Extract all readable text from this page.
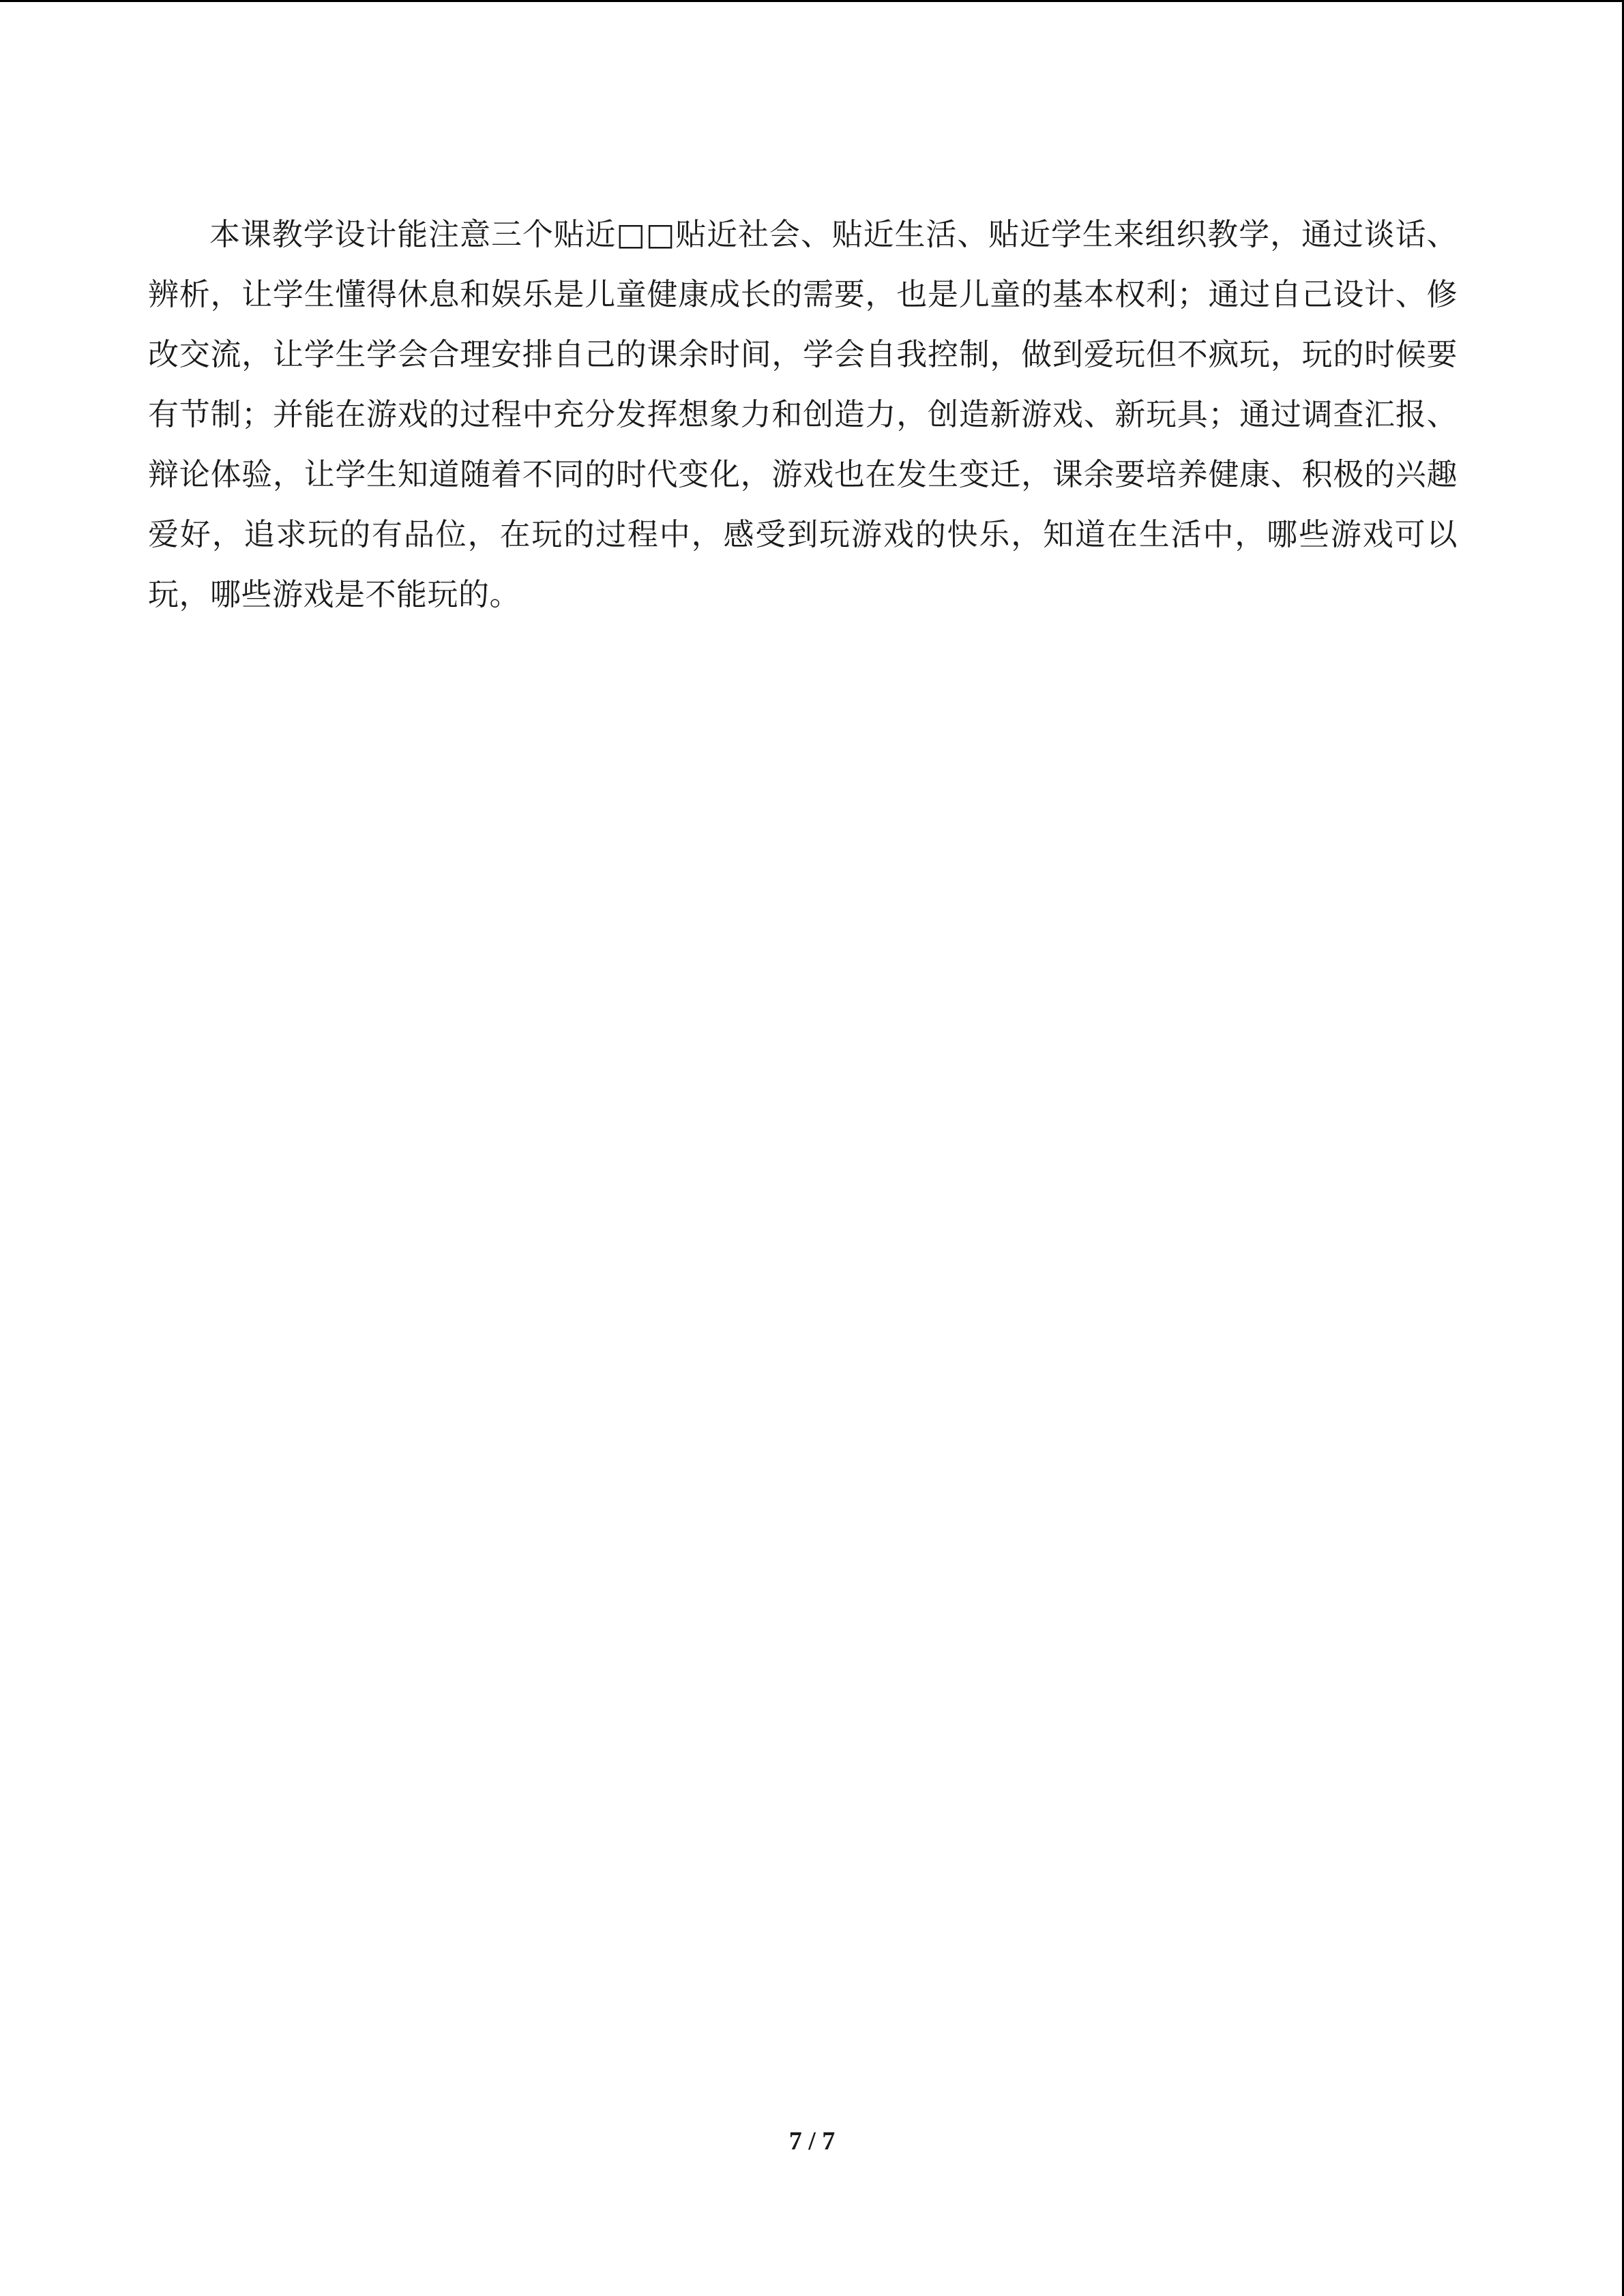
本课教学设计能注意三个贴近□□贴近社会、贴近生活、贴近学生来组织教学，通过谈话、辨析，让学生懂得休息和娱乐是儿童健康成长的需要，也是儿童的基本权利；通过自己设计、修改交流，让学生学会合理安排自己的课余时间，学会自我控制，做到爱玩但不疯玩，玩的时候要有节制；并能在游戏的过程中充分发挥想象力和创造力，创造新游戏、新玩具；通过调查汇报、辩论体验，让学生知道随着不同的时代变化，游戏也在发生变迁，课余要培养健康、积极的兴趣爱好，追求玩的有品位，在玩的过程中，感受到玩游戏的快乐，知道在生活中，哪些游戏可以玩，哪些游戏是不能玩的。

7 / 7
